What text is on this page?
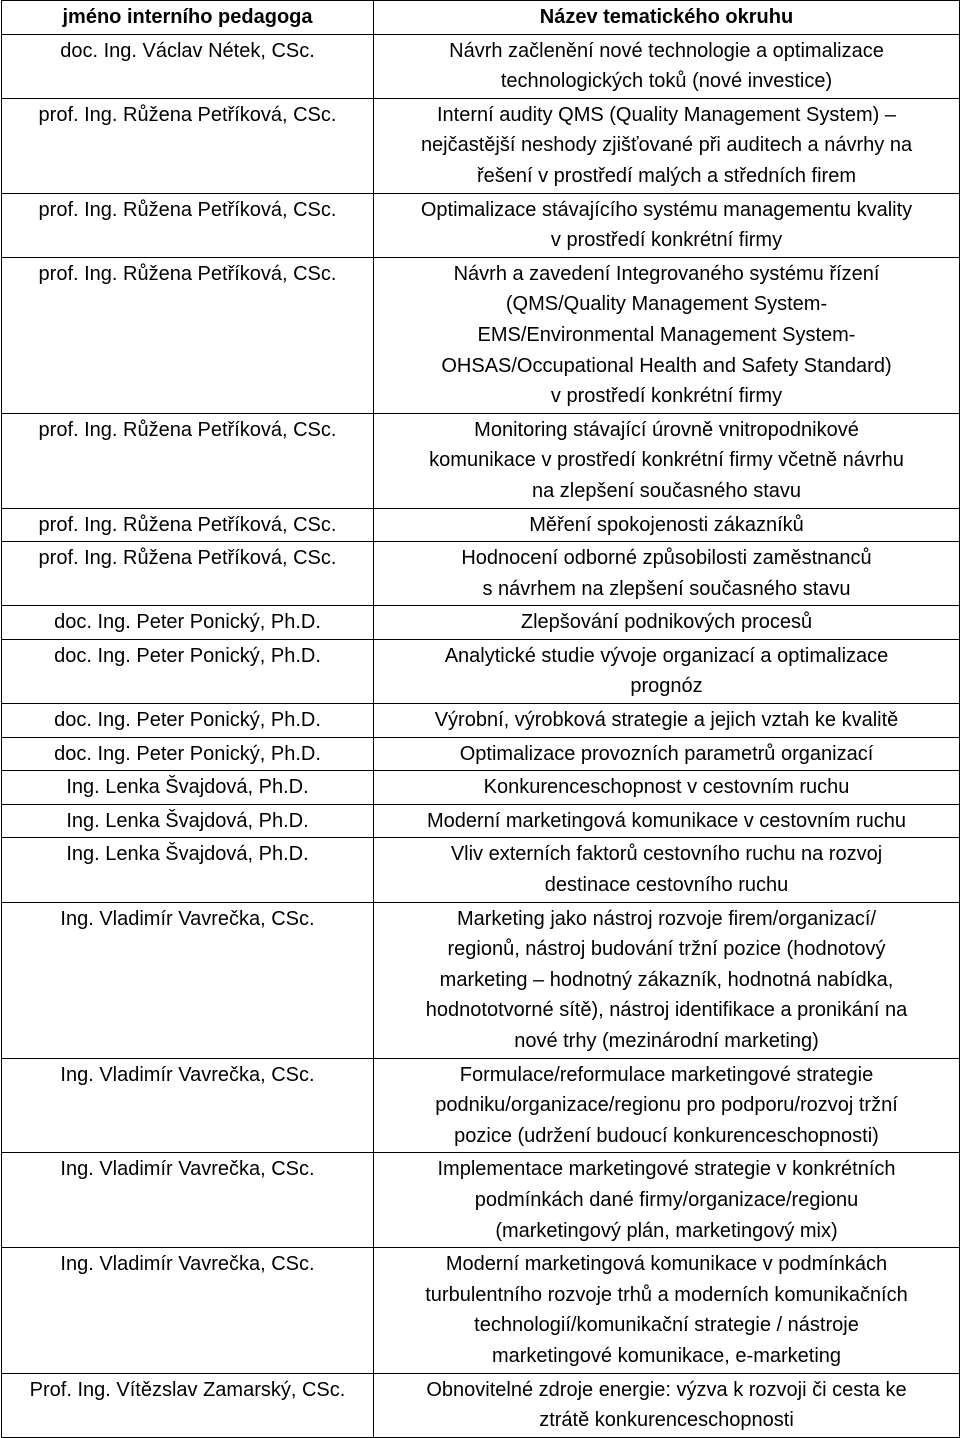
jméno interního pedagoga	Název tematického okruhu

doc. Ing. Václav Nétek, CSc.	Návrh začlenění nové technologie a optimalizace
technologických toků (nové investice)

prof. Ing. Růžena Petříková, CSc.	Interní audity QMS (Quality Management System) –
nejčastější neshody zjišťované při auditech a návrhy na
řešení v prostředí malých a středních firem

prof. Ing. Růžena Petříková, CSc.	Optimalizace stávajícího systému managementu kvality
v prostředí konkrétní firmy

prof. Ing. Růžena Petříková, CSc.	Návrh a zavedení Integrovaného systému řízení
(QMS/Quality Management System-
EMS/Environmental Management System-
OHSAS/Occupational Health and Safety Standard)
v prostředí konkrétní firmy

prof. Ing. Růžena Petříková, CSc.	Monitoring stávající úrovně vnitropodnikové
komunikace v prostředí konkrétní firmy včetně návrhu
na zlepšení současného stavu

prof. Ing. Růžena Petříková, CSc.	Měření spokojenosti zákazníků

prof. Ing. Růžena Petříková, CSc.	Hodnocení odborné způsobilosti zaměstnanců
s návrhem na zlepšení současného stavu

doc. Ing. Peter Ponický, Ph.D.	Zlepšování podnikových procesů

doc. Ing. Peter Ponický, Ph.D.	Analytické studie vývoje organizací a optimalizace
prognóz

doc. Ing. Peter Ponický, Ph.D.	Výrobní, výrobková strategie a jejich vztah ke kvalitě

doc. Ing. Peter Ponický, Ph.D.	Optimalizace provozních parametrů organizací

Ing. Lenka Švajdová, Ph.D.	Konkurenceschopnost v cestovním ruchu

Ing. Lenka Švajdová, Ph.D.	Moderní marketingová komunikace v cestovním ruchu

Ing. Lenka Švajdová, Ph.D.	Vliv externích faktorů cestovního ruchu na rozvoj
destinace cestovního ruchu

Ing. Vladimír Vavrečka, CSc.	Marketing jako nástroj rozvoje firem/organizací/
regionů, nástroj budování tržní pozice (hodnotový
marketing – hodnotný zákazník, hodnotná nabídka,
hodnototvorné sítě), nástroj identifikace a pronikání na
nové trhy (mezinárodní marketing)

Ing. Vladimír Vavrečka, CSc.	Formulace/reformulace marketingové strategie
podniku/organizace/regionu pro podporu/rozvoj tržní
pozice (udržení budoucí konkurenceschopnosti)

Ing. Vladimír Vavrečka, CSc.	Implementace marketingové strategie v konkrétních
podmínkách dané firmy/organizace/regionu
(marketingový plán, marketingový mix)

Ing. Vladimír Vavrečka, CSc.	Moderní marketingová komunikace v podmínkách
turbulentního rozvoje trhů a moderních komunikačních
technologií/komunikační strategie / nástroje
marketingové komunikace, e-marketing

Prof. Ing. Vítězslav Zamarský, CSc.	Obnovitelné zdroje energie: výzva k rozvoji či cesta ke
ztrátě konkurenceschopnosti
